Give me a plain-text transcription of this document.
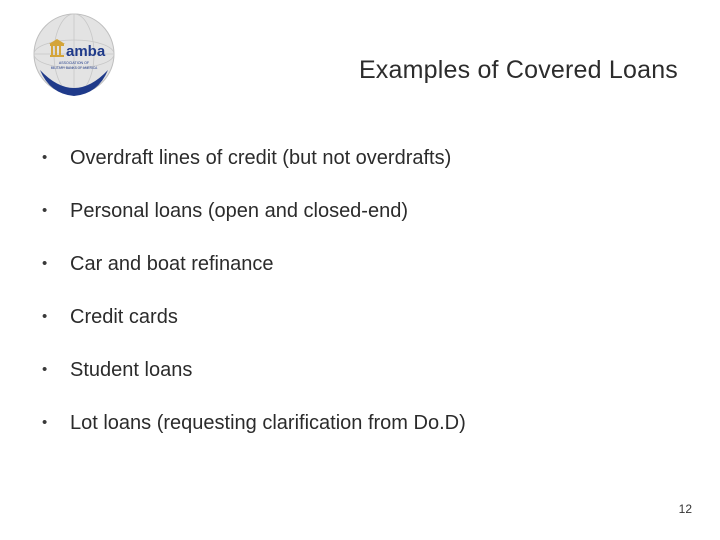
amba
ASSOCIATION OF
MILITARY BANKS OF AMERICA	Examples of Covered Loans
•	Overdraft lines of credit (but not overdrafts)
•	Personal loans (open and closed-end)
•	Car and boat refinance
•	Credit cards
•	Student loans
•	Lot loans (requesting clarification from Do.D)
12
